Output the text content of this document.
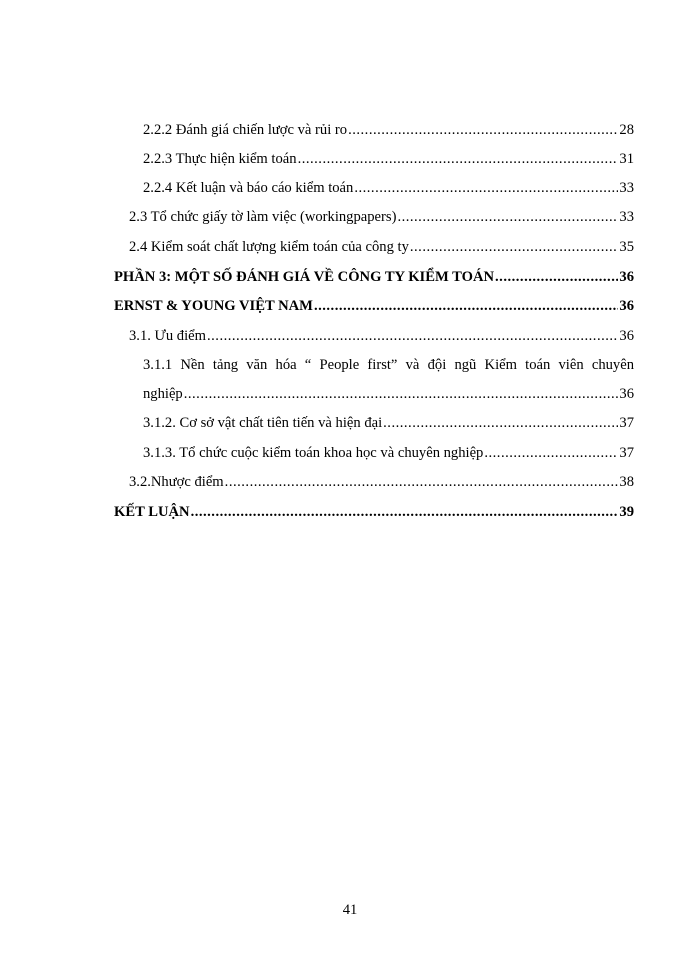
2.2.2 Đánh giá chiến lược và rủi ro .....	28
2.2.3 Thực hiện kiểm toán .....	31
2.2.4 Kết luận và báo cáo kiểm toán .....	33
2.3 Tổ chức giấy tờ làm việc (workingpapers) .....	33
2.4 Kiểm soát chất lượng kiểm toán của công ty .....	35
PHẦN 3: MỘT SỐ ĐÁNH GIÁ VỀ CÔNG TY KIỂM TOÁN .....	36
ERNST & YOUNG VIỆT NAM .....	36
3.1. Ưu điểm .....	36
3.1.1 Nền tảng văn hóa “ People first” và đội ngũ Kiểm toán viên chuyên
nghiệp .....	36
3.1.2. Cơ sở vật chất tiên tiến và hiện đại .....	37
3.1.3. Tổ chức cuộc kiểm toán khoa học và chuyên nghiệp .....	37
3.2.Nhược điểm .....	38
KẾT LUẬN .....	39
41
